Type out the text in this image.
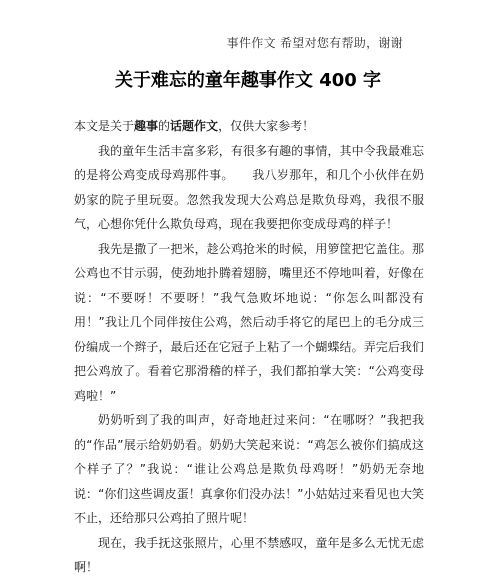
事件作文 希望对您有帮助，谢谢
关于难忘的童年趣事作文 400 字

本文是关于趣事的话题作文，仅供大家参考！

我的童年生活丰富多彩，有很多有趣的事情，其中令我最难忘的是将公鸡变成母鸡那件事。　　我八岁那年，和几个小伙伴在奶奶家的院子里玩耍。忽然我发现大公鸡总是欺负母鸡，我很不服气，心想你凭什么欺负母鸡，现在我要把你变成母鸡的样子！

我先是撒了一把米，趁公鸡抢米的时候，用箩筐把它盖住。那公鸡也不甘示弱，使劲地扑腾着翅膀，嘴里还不停地叫着，好像在说：“不要呀！不要呀！”我气急败坏地说：“你怎么叫都没有用！”我让几个同伴按住公鸡，然后动手将它的尾巴上的毛分成三份编成一个辫子，最后还在它冠子上粘了一个蝴蝶结。弄完后我们把公鸡放了。看着它那滑稽的样子，我们都拍掌大笑：“公鸡变母鸡啦！”

奶奶听到了我的叫声，好奇地赶过来问：“在哪呀？”我把我的“作品”展示给奶奶看。奶奶大笑起来说：“鸡怎么被你们搞成这个样子了？”我说：“谁让公鸡总是欺负母鸡呀！”奶奶无奈地说：“你们这些调皮蛋！真拿你们没办法！”小姑姑过来看见也大笑不止，还给那只公鸡拍了照片呢！

现在，我手抚这张照片，心里不禁感叹，童年是多么无忧无虑啊！
